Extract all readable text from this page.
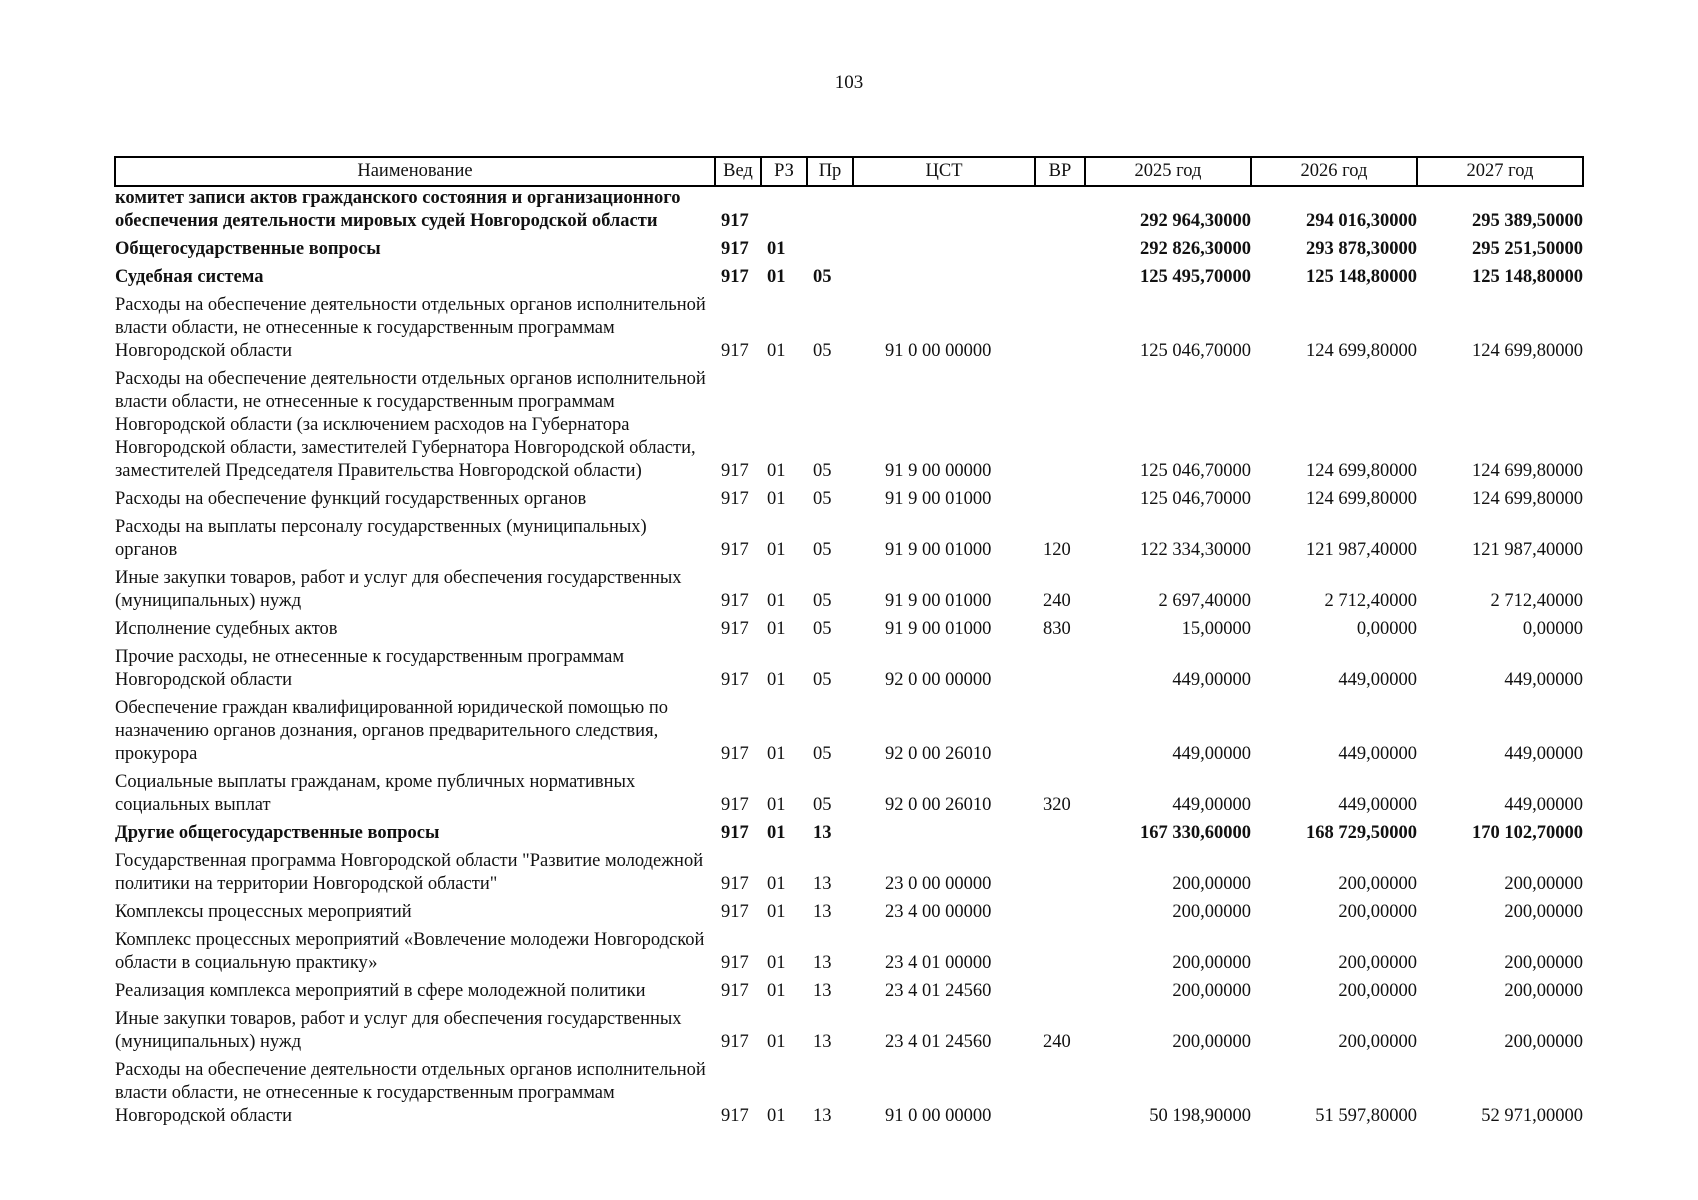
103
Наименование	Вед	РЗ	Пр	ЦСТ	ВР	2025 год	2026 год	2027 год
комитет записи актов гражданского состояния и организационного обеспечения деятельности мировых судей Новгородской области	917					292 964,30000	294 016,30000	295 389,50000
Общегосударственные вопросы	917	01				292 826,30000	293 878,30000	295 251,50000
Судебная система	917	01	05			125 495,70000	125 148,80000	125 148,80000
Расходы на обеспечение деятельности отдельных органов исполнительной власти области, не отнесенные к государственным программам Новгородской области	917	01	05	91 0 00 00000		125 046,70000	124 699,80000	124 699,80000
Расходы на обеспечение деятельности отдельных органов исполнительной власти области, не отнесенные к государственным программам Новгородской области (за исключением расходов на Губернатора Новгородской области, заместителей Губернатора Новгородской области, заместителей Председателя Правительства Новгородской области)	917	01	05	91 9 00 00000		125 046,70000	124 699,80000	124 699,80000
Расходы на обеспечение функций государственных органов	917	01	05	91 9 00 01000		125 046,70000	124 699,80000	124 699,80000
Расходы на выплаты персоналу государственных (муниципальных) органов	917	01	05	91 9 00 01000	120	122 334,30000	121 987,40000	121 987,40000
Иные закупки товаров, работ и услуг для обеспечения государственных (муниципальных) нужд	917	01	05	91 9 00 01000	240	2 697,40000	2 712,40000	2 712,40000
Исполнение судебных актов	917	01	05	91 9 00 01000	830	15,00000	0,00000	0,00000
Прочие расходы, не отнесенные к государственным программам Новгородской области	917	01	05	92 0 00 00000		449,00000	449,00000	449,00000
Обеспечение граждан квалифицированной юридической помощью по назначению органов дознания, органов предварительного следствия, прокурора	917	01	05	92 0 00 26010		449,00000	449,00000	449,00000
Социальные выплаты гражданам, кроме публичных нормативных социальных выплат	917	01	05	92 0 00 26010	320	449,00000	449,00000	449,00000
Другие общегосударственные вопросы	917	01	13			167 330,60000	168 729,50000	170 102,70000
Государственная программа Новгородской области "Развитие молодежной политики на территории Новгородской области"	917	01	13	23 0 00 00000		200,00000	200,00000	200,00000
Комплексы процессных мероприятий	917	01	13	23 4 00 00000		200,00000	200,00000	200,00000
Комплекс процессных мероприятий «Вовлечение молодежи Новгородской области в социальную практику»	917	01	13	23 4 01 00000		200,00000	200,00000	200,00000
Реализация комплекса мероприятий в сфере молодежной политики	917	01	13	23 4 01 24560		200,00000	200,00000	200,00000
Иные закупки товаров, работ и услуг для обеспечения государственных (муниципальных) нужд	917	01	13	23 4 01 24560	240	200,00000	200,00000	200,00000
Расходы на обеспечение деятельности отдельных органов исполнительной власти области, не отнесенные к государственным программам Новгородской области	917	01	13	91 0 00 00000		50 198,90000	51 597,80000	52 971,00000
